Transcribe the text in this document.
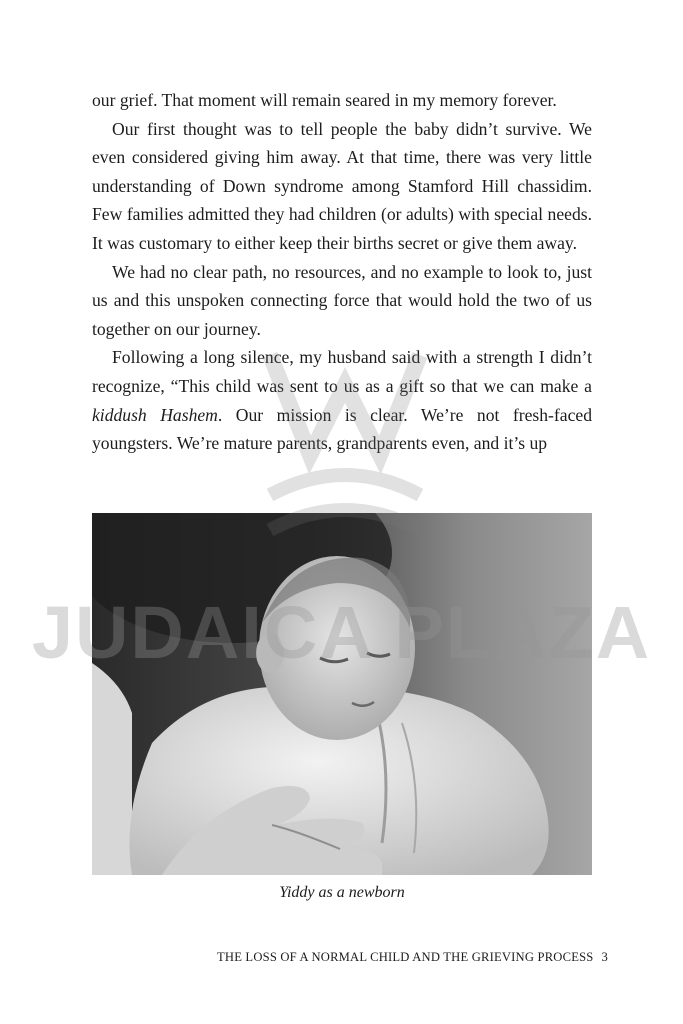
our grief. That moment will remain seared in my memory forever.

Our first thought was to tell people the baby didn’t survive. We even considered giving him away. At that time, there was very little understanding of Down syndrome among Stamford Hill chassidim. Few families admitted they had children (or adults) with special needs. It was customary to either keep their births secret or give them away.

We had no clear path, no resources, and no example to look to, just us and this unspoken connecting force that would hold the two of us together on our journey.

Following a long silence, my husband said with a strength I didn’t recognize, “This child was sent to us as a gift so that we can make a kiddush Hashem. Our mission is clear. We’re not fresh-faced youngsters. We’re mature parents, grandparents even, and it’s up

Yiddy as a newborn
JUDAICA PLAZA
THE LOSS OF A NORMAL CHILD AND THE GRIEVING PROCESS 3
